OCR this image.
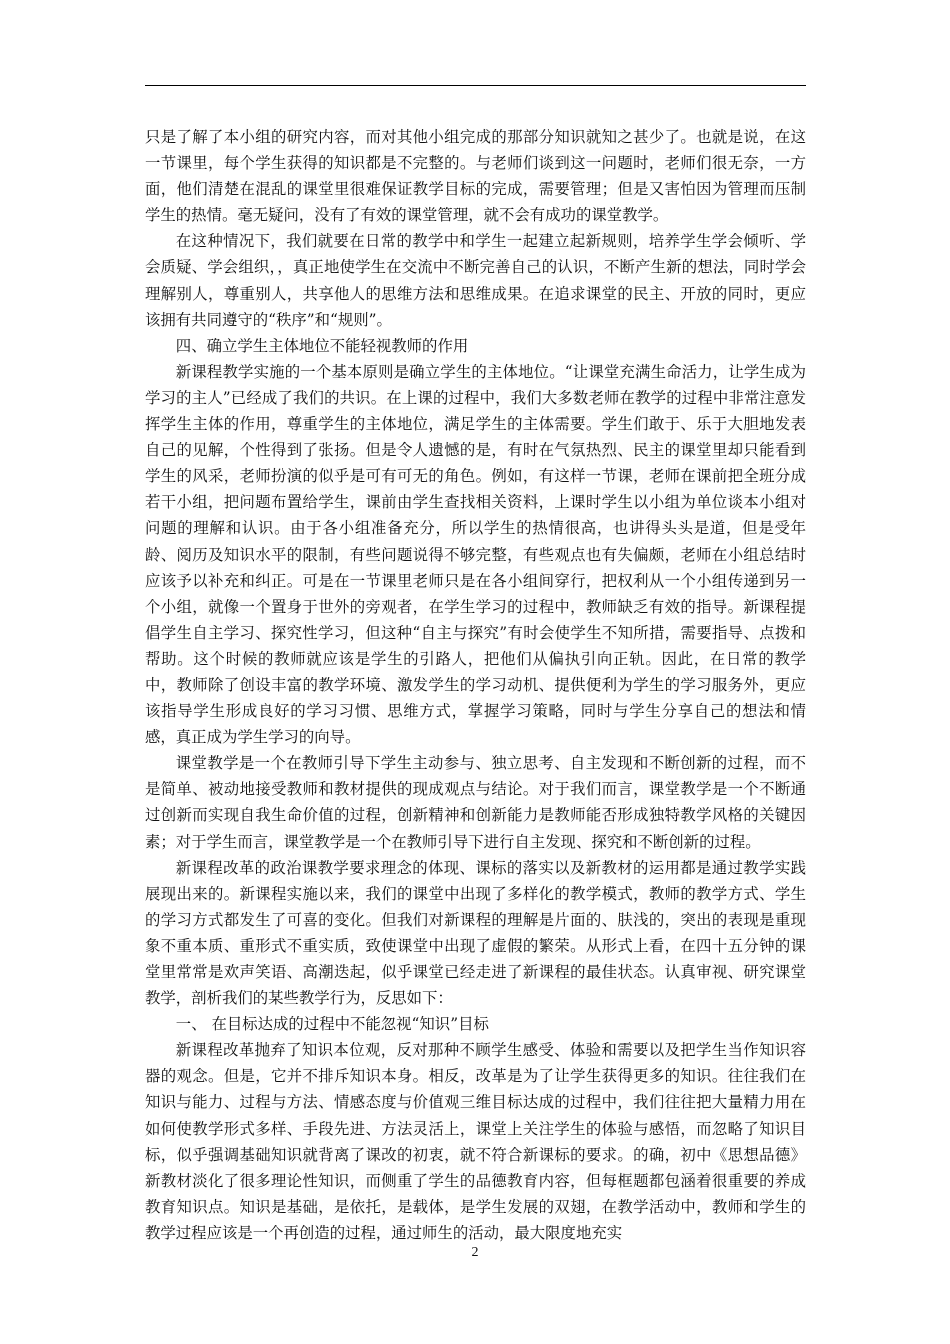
只是了解了本小组的研究内容，而对其他小组完成的那部分知识就知之甚少了。也就是说，在这一节课里，每个学生获得的知识都是不完整的。与老师们谈到这一问题时，老师们很无奈，一方面，他们清楚在混乱的课堂里很难保证教学目标的完成，需要管理；但是又害怕因为管理而压制学生的热情。毫无疑问，没有了有效的课堂管理，就不会有成功的课堂教学。

在这种情况下，我们就要在日常的教学中和学生一起建立起新规则，培养学生学会倾听、学会质疑、学会组织，，真正地使学生在交流中不断完善自己的认识，不断产生新的想法，同时学会理解别人，尊重别人，共享他人的思维方法和思维成果。在追求课堂的民主、开放的同时，更应该拥有共同遵守的“秩序”和“规则”。

四、确立学生主体地位不能轻视教师的作用

新课程教学实施的一个基本原则是确立学生的主体地位。“让课堂充满生命活力，让学生成为学习的主人”已经成了我们的共识。在上课的过程中，我们大多数老师在教学的过程中非常注意发挥学生主体的作用，尊重学生的主体地位，满足学生的主体需要。学生们敢于、乐于大胆地发表自己的见解，个性得到了张扬。但是令人遗憾的是，有时在气氛热烈、民主的课堂里却只能看到学生的风采，老师扮演的似乎是可有可无的角色。例如，有这样一节课，老师在课前把全班分成若干小组，把问题布置给学生，课前由学生查找相关资料，上课时学生以小组为单位谈本小组对问题的理解和认识。由于各小组准备充分，所以学生的热情很高，也讲得头头是道，但是受年龄、阅历及知识水平的限制，有些问题说得不够完整，有些观点也有失偏颇，老师在小组总结时应该予以补充和纠正。可是在一节课里老师只是在各小组间穿行，把权利从一个小组传递到另一个小组，就像一个置身于世外的旁观者，在学生学习的过程中，教师缺乏有效的指导。新课程提倡学生自主学习、探究性学习，但这种“自主与探究”有时会使学生不知所措，需要指导、点拨和帮助。这个时候的教师就应该是学生的引路人，把他们从偏执引向正轨。因此，在日常的教学中，教师除了创设丰富的教学环境、激发学生的学习动机、提供便利为学生的学习服务外，更应该指导学生形成良好的学习习惯、思维方式，掌握学习策略，同时与学生分享自己的想法和情感，真正成为学生学习的向导。

课堂教学是一个在教师引导下学生主动参与、独立思考、自主发现和不断创新的过程，而不是简单、被动地接受教师和教材提供的现成观点与结论。对于我们而言，课堂教学是一个不断通过创新而实现自我生命价值的过程，创新精神和创新能力是教师能否形成独特教学风格的关键因素；对于学生而言，课堂教学是一个在教师引导下进行自主发现、探究和不断创新的过程。

新课程改革的政治课教学要求理念的体现、课标的落实以及新教材的运用都是通过教学实践展现出来的。新课程实施以来，我们的课堂中出现了多样化的教学模式，教师的教学方式、学生的学习方式都发生了可喜的变化。但我们对新课程的理解是片面的、肤浅的，突出的表现是重现象不重本质、重形式不重实质，致使课堂中出现了虚假的繁荣。从形式上看，在四十五分钟的课堂里常常是欢声笑语、高潮迭起，似乎课堂已经走进了新课程的最佳状态。认真审视、研究课堂教学，剖析我们的某些教学行为，反思如下：

一、 在目标达成的过程中不能忽视“知识”目标

新课程改革抛弃了知识本位观，反对那种不顾学生感受、体验和需要以及把学生当作知识容器的观念。但是，它并不排斥知识本身。相反，改革是为了让学生获得更多的知识。往往我们在知识与能力、过程与方法、情感态度与价值观三维目标达成的过程中，我们往往把大量精力用在如何使教学形式多样、手段先进、方法灵活上，课堂上关注学生的体验与感悟，而忽略了知识目标，似乎强调基础知识就背离了课改的初衷，就不符合新课标的要求。的确，初中《思想品德》新教材淡化了很多理论性知识，而侧重了学生的品德教育内容，但每框题都包涵着很重要的养成教育知识点。知识是基础，是依托，是载体，是学生发展的双翅，在教学活动中，教师和学生的教学过程应该是一个再创造的过程，通过师生的活动，最大限度地充实

2
